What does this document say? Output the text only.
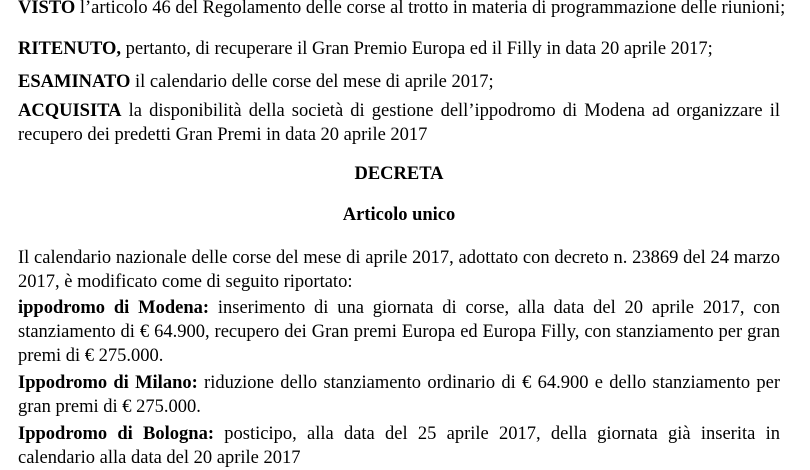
VISTO l’articolo 46 del Regolamento delle corse al trotto in materia di programmazione delle riunioni;
RITENUTO, pertanto, di recuperare il Gran Premio Europa ed il Filly in data 20 aprile 2017;
ESAMINATO il calendario delle corse del mese di aprile 2017;
ACQUISITA la disponibilità della società di gestione dell’ippodromo di Modena ad organizzare il recupero dei predetti Gran Premi in data 20 aprile 2017
DECRETA
Articolo unico
Il calendario nazionale delle corse del mese di aprile 2017, adottato con decreto n. 23869 del 24 marzo 2017, è modificato come di seguito riportato:
ippodromo di Modena: inserimento di una giornata di corse, alla data del 20 aprile 2017, con stanziamento di € 64.900, recupero dei Gran premi Europa ed Europa Filly, con stanziamento per gran premi di € 275.000.
Ippodromo di Milano: riduzione dello stanziamento ordinario di € 64.900 e dello stanziamento per gran premi di € 275.000.
Ippodromo di Bologna: posticipo, alla data del 25 aprile 2017, della giornata già inserita in calendario alla data del 20 aprile 2017
